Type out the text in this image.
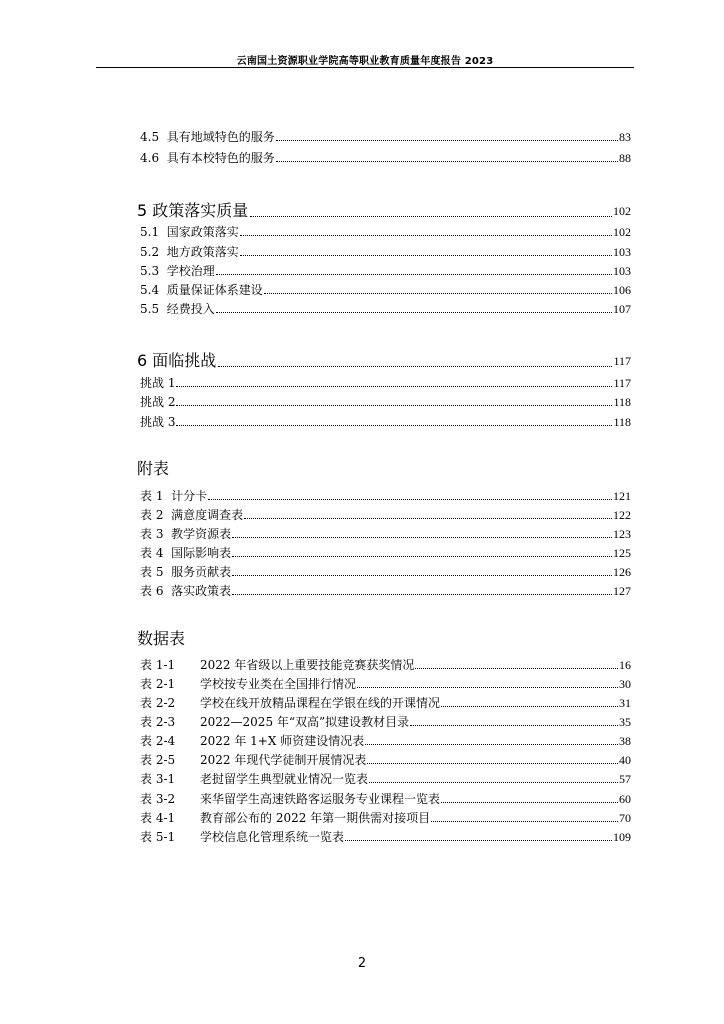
云南国土资源职业学院高等职业教育质量年度报告 2023
4.5 具有地域特色的服务	83
4.6 具有本校特色的服务	88
5 政策落实质量	102
5.1 国家政策落实	102
5.2 地方政策落实	103
5.3 学校治理	103
5.4 质量保证体系建设	106
5.5 经费投入	107
6 面临挑战	117
挑战 1	117
挑战 2	118
挑战 3	118
附表
表 1 计分卡	121
表 2 满意度调查表	122
表 3 教学资源表	123
表 4 国际影响表	125
表 5 服务贡献表	126
表 6 落实政策表	127
数据表
表 1-1	2022 年省级以上重要技能竞赛获奖情况	16
表 2-1	学校按专业类在全国排行情况	30
表 2-2	学校在线开放精品课程在学银在线的开课情况	31
表 2-3	2022—2025 年“双高”拟建设教材目录	35
表 2-4	2022 年 1+X 师资建设情况表	38
表 2-5	2022 年现代学徒制开展情况表	40
表 3-1	老挝留学生典型就业情况一览表	57
表 3-2	来华留学生高速铁路客运服务专业课程一览表	60
表 4-1	教育部公布的 2022 年第一期供需对接项目	70
表 5-1	学校信息化管理系统一览表	109
2
